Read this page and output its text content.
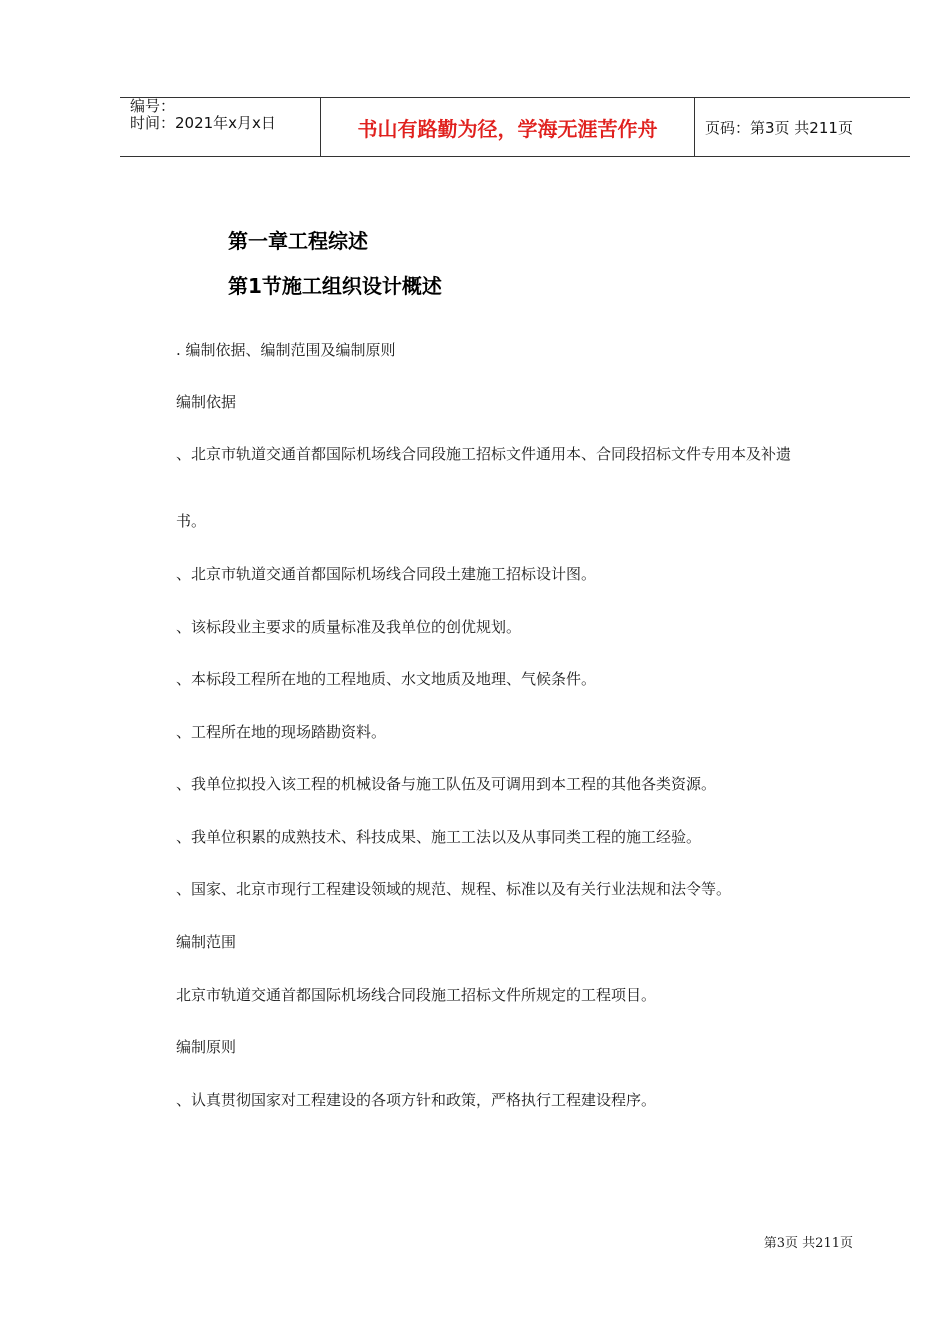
编号：
时间：2021年x月x日	书山有路勤为径，学海无涯苦作舟	页码：第3页 共211页
第一章工程综述
第1节施工组织设计概述
. 编制依据、编制范围及编制原则
编制依据
、北京市轨道交通首都国际机场线合同段施工招标文件通用本、合同段招标文件专用本及补遗
书。
、北京市轨道交通首都国际机场线合同段土建施工招标设计图。
、该标段业主要求的质量标准及我单位的创优规划。
、本标段工程所在地的工程地质、水文地质及地理、气候条件。
、工程所在地的现场踏勘资料。
、我单位拟投入该工程的机械设备与施工队伍及可调用到本工程的其他各类资源。
、我单位积累的成熟技术、科技成果、施工工法以及从事同类工程的施工经验。
、国家、北京市现行工程建设领域的规范、规程、标准以及有关行业法规和法令等。
编制范围
北京市轨道交通首都国际机场线合同段施工招标文件所规定的工程项目。
编制原则
、认真贯彻国家对工程建设的各项方针和政策，严格执行工程建设程序。
第3页 共211页
